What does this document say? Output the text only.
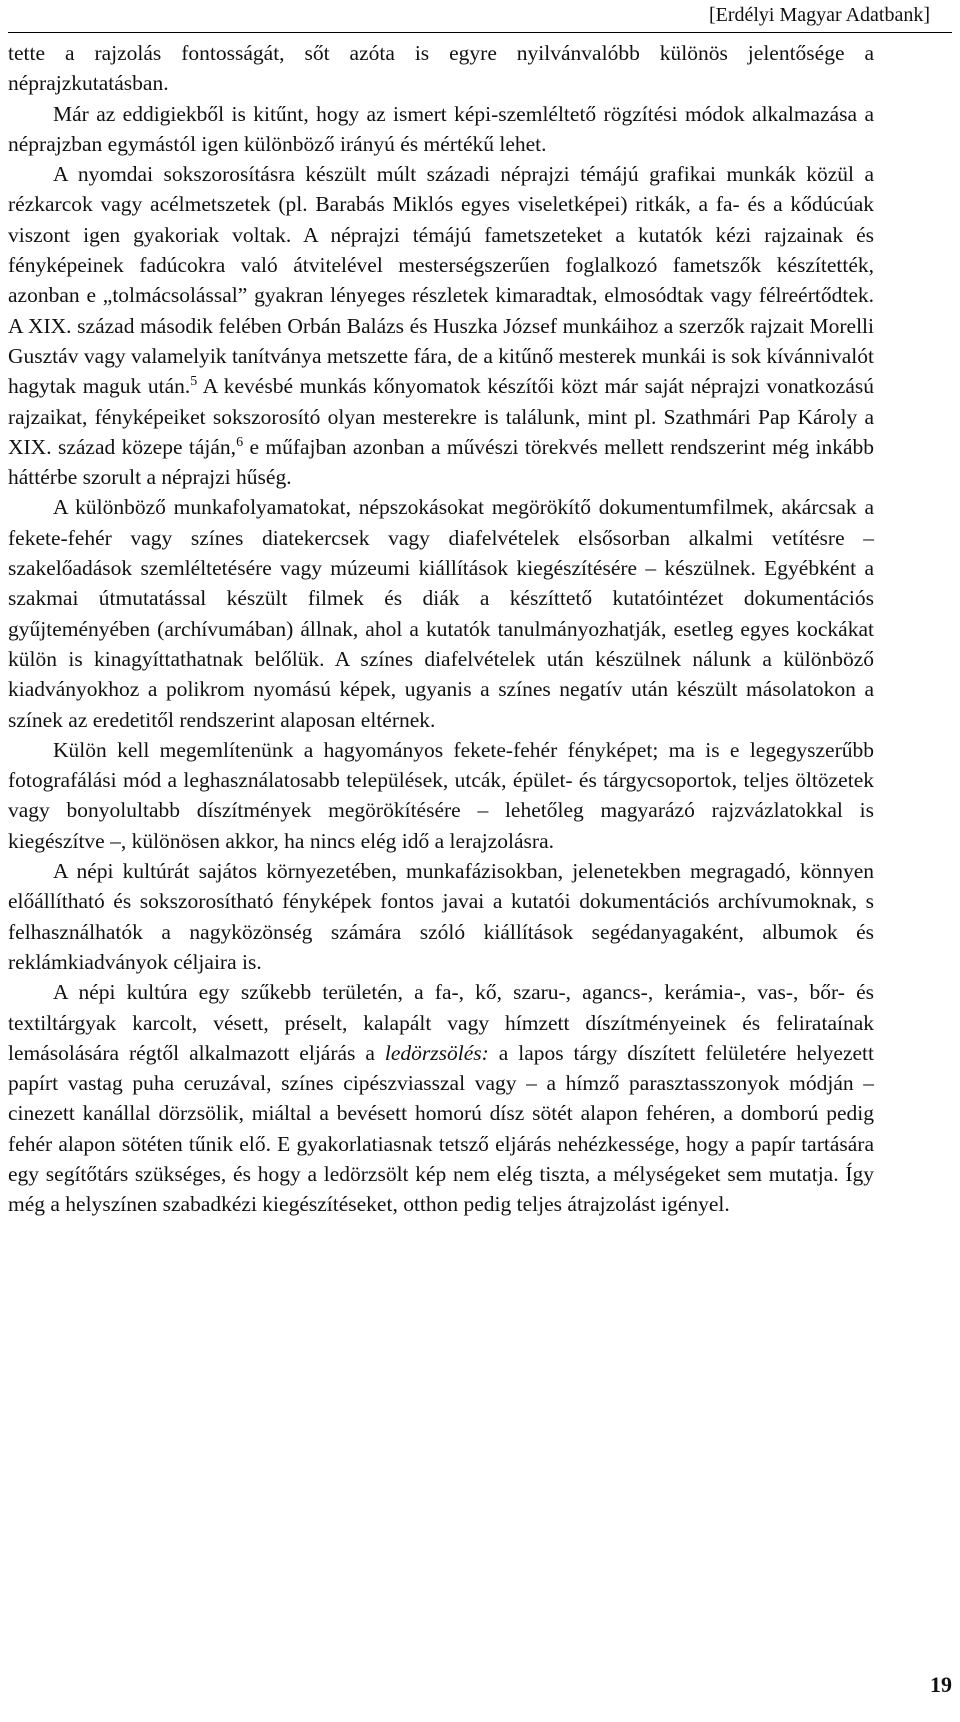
[Erdélyi Magyar Adatbank]

tette a rajzolás fontosságát, sőt azóta is egyre nyilvánvalóbb különös jelentősége a néprajzkutatásban.

Már az eddigiekből is kitűnt, hogy az ismert képi-szemléltető rögzítési módok alkalmazása a néprajzban egymástól igen különböző irányú és mértékű lehet.

A nyomdai sokszorosításra készült múlt századi néprajzi témájú grafikai munkák közül a rézkarcok vagy acélmetszetek (pl. Barabás Miklós egyes viseletképei) ritkák, a fa- és a kődúcúak viszont igen gyakoriak voltak. A néprajzi témájú fametszeteket a kutatók kézi rajzainak és fényképeinek fadúcokra való átvitelével mesterségszerűen foglalkozó fametszők készítették, azonban e „tolmácsolással” gyakran lényeges részletek kimaradtak, elmosódtak vagy félreértődtek. A XIX. század második felében Orbán Balázs és Huszka József munkáihoz a szerzők rajzait Morelli Gusztáv vagy valamelyik tanítványa metszette fára, de a kitűnő mesterek munkái is sok kívánnivalót hagytak maguk után.$^5$ A kevésbé munkás kőnyomatok készítői közt már saját néprajzi vonatkozású rajzaikat, fényképeiket sokszorosító olyan mesterekre is találunk, mint pl. Szathmári Pap Károly a XIX. század közepe táján,$^6$ e műfajban azonban a művészi törekvés mellett rendszerint még inkább háttérbe szorult a néprajzi hűség.

A különböző munkafolyamatokat, népszokásokat megörökítő dokumentumfilmek, akárcsak a fekete-fehér vagy színes diatekercsek vagy diafelvételek elsősorban alkalmi vetítésre – szakelőadások szemléltetésére vagy múzeumi kiállítások kiegészítésére – készülnek. Egyébként a szakmai útmutatással készült filmek és diák a készíttető kutatóintézet dokumentációs gyűjteményében (archívumában) állnak, ahol a kutatók tanulmányozhatják, esetleg egyes kockákat külön is kinagyíttathatnak belőlük. A színes diafelvételek után készülnek nálunk a különböző kiadványokhoz a polikrom nyomású képek, ugyanis a színes negatív után készült másolatokon a színek az eredetitől rendszerint alaposan eltérnek.

Külön kell megemlítenünk a hagyományos fekete-fehér fényképet; ma is e legegyszerűbb fotografálási mód a leghasználatosabb települések, utcák, épület- és tárgycsoportok, teljes öltözetek vagy bonyolultabb díszítmények megörökítésére – lehetőleg magyarázó rajzvázlatokkal is kiegészítve –, különösen akkor, ha nincs elég idő a lerajzolásra.

A népi kultúrát sajátos környezetében, munkafázisokban, jelenetekben megragadó, könnyen előállítható és sokszorosítható fényképek fontos javai a kutatói dokumentációs archívumoknak, s felhasználhatók a nagyközönség számára szóló kiállítások segédanyagaként, albumok és reklámkiadványok céljaira is.

A népi kultúra egy szűkebb területén, a fa-, kő, szaru-, agancs-, kerámia-, vas-, bőr- és textiltárgyak karcolt, vésett, préselt, kalapált vagy hímzett díszítményeinek és felirataínak lemásolására régtől alkalmazott eljárás a ledörzsölés: a lapos tárgy díszített felületére helyezett papírt vastag puha ceruzával, színes cipészviasszal vagy – a hímző parasztasszonyok módján – cinezett kanállal dörzsölik, miáltal a bevésett homorú dísz sötét alapon fehéren, a domború pedig fehér alapon sötéten tűnik elő. E gyakorlatiasnak tetsző eljárás nehézkessége, hogy a papír tartására egy segítőtárs szükséges, és hogy a ledörzsölt kép nem elég tiszta, a mélységeket sem mutatja. Így még a helyszínen szabadkézi kiegészítéseket, otthon pedig teljes átrajzolást igényel.

19
